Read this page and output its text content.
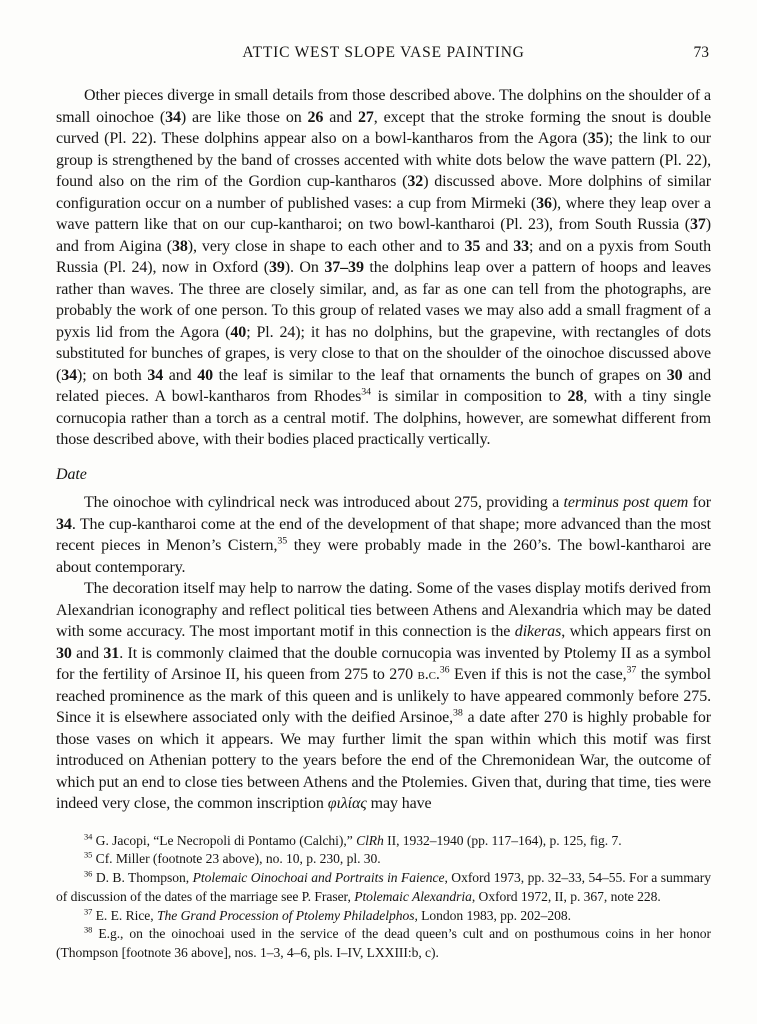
ATTIC WEST SLOPE VASE PAINTING	73

Other pieces diverge in small details from those described above. The dolphins on the shoulder of a small oinochoe (34) are like those on 26 and 27, except that the stroke forming the snout is double curved (Pl. 22). These dolphins appear also on a bowl-kantharos from the Agora (35); the link to our group is strengthened by the band of crosses accented with white dots below the wave pattern (Pl. 22), found also on the rim of the Gordion cup-kantharos (32) discussed above. More dolphins of similar configuration occur on a number of published vases: a cup from Mirmeki (36), where they leap over a wave pattern like that on our cup-kantharoi; on two bowl-kantharoi (Pl. 23), from South Russia (37) and from Aigina (38), very close in shape to each other and to 35 and 33; and on a pyxis from South Russia (Pl. 24), now in Oxford (39). On 37–39 the dolphins leap over a pattern of hoops and leaves rather than waves. The three are closely similar, and, as far as one can tell from the photographs, are probably the work of one person. To this group of related vases we may also add a small fragment of a pyxis lid from the Agora (40; Pl. 24); it has no dolphins, but the grapevine, with rectangles of dots substituted for bunches of grapes, is very close to that on the shoulder of the oinochoe discussed above (34); on both 34 and 40 the leaf is similar to the leaf that ornaments the bunch of grapes on 30 and related pieces. A bowl-kantharos from Rhodes$^{34}$ is similar in composition to 28, with a tiny single cornucopia rather than a torch as a central motif. The dolphins, however, are somewhat different from those described above, with their bodies placed practically vertically.

Date

The oinochoe with cylindrical neck was introduced about 275, providing a terminus post quem for 34. The cup-kantharoi come at the end of the development of that shape; more advanced than the most recent pieces in Menon’s Cistern,$^{35}$ they were probably made in the 260’s. The bowl-kantharoi are about contemporary.

The decoration itself may help to narrow the dating. Some of the vases display motifs derived from Alexandrian iconography and reflect political ties between Athens and Alexandria which may be dated with some accuracy. The most important motif in this connection is the dikeras, which appears first on 30 and 31. It is commonly claimed that the double cornucopia was invented by Ptolemy II as a symbol for the fertility of Arsinoe II, his queen from 275 to 270 b.c.$^{36}$ Even if this is not the case,$^{37}$ the symbol reached prominence as the mark of this queen and is unlikely to have appeared commonly before 275. Since it is elsewhere associated only with the deified Arsinoe,$^{38}$ a date after 270 is highly probable for those vases on which it appears. We may further limit the span within which this motif was first introduced on Athenian pottery to the years before the end of the Chremonidean War, the outcome of which put an end to close ties between Athens and the Ptolemies. Given that, during that time, ties were indeed very close, the common inscription φιλίας may have

$^{34}$ G. Jacopi, “Le Necropoli di Pontamo (Calchi),” ClRh II, 1932–1940 (pp. 117–164), p. 125, fig. 7.

$^{35}$ Cf. Miller (footnote 23 above), no. 10, p. 230, pl. 30.

$^{36}$ D. B. Thompson, Ptolemaic Oinochoai and Portraits in Faience, Oxford 1973, pp. 32–33, 54–55. For a summary of discussion of the dates of the marriage see P. Fraser, Ptolemaic Alexandria, Oxford 1972, II, p. 367, note 228.

$^{37}$ E. E. Rice, The Grand Procession of Ptolemy Philadelphos, London 1983, pp. 202–208.

$^{38}$ E.g., on the oinochoai used in the service of the dead queen’s cult and on posthumous coins in her honor (Thompson [footnote 36 above], nos. 1–3, 4–6, pls. I–IV, LXXIII:b, c).
